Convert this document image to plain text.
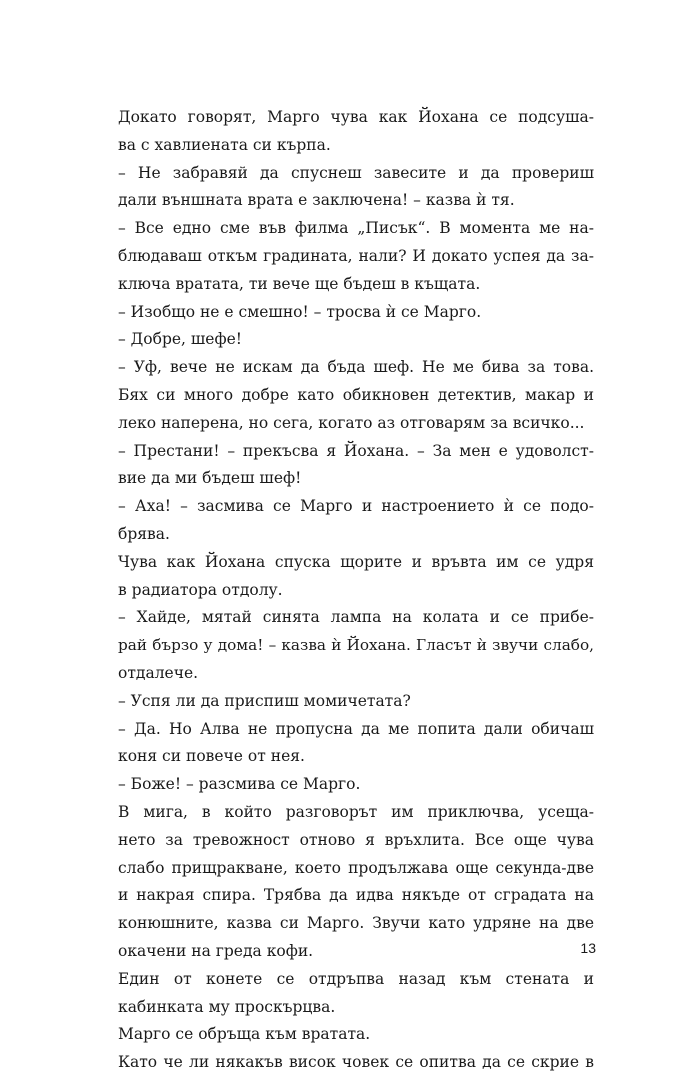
Докато говорят, Марго чува как Йохана се подсуша-
ва с хавлиената си кърпа.
– Не забравяй да спуснеш завесите и да провериш
дали външната врата е заключена! – казва ѝ тя.
– Все едно сме във филма „Писък“. В момента ме на-
блюдаваш откъм градината, нали? И докато успея да за-
ключа вратата, ти вече ще бъдеш в къщата.
– Изобщо не е смешно! – тросва ѝ се Марго.
– Добре, шефе!
– Уф, вече не искам да бъда шеф. Не ме бива за това.
Бях си много добре като обикновен детектив, макар и
леко наперена, но сега, когато аз отговарям за всичко...
– Престани! – прекъсва я Йохана. – За мен е удоволст-
вие да ми бъдеш шеф!
– Аха! – засмива се Марго и настроението ѝ се подо-
брява.
Чува как Йохана спуска щорите и връвта им се удря
в радиатора отдолу.
– Хайде, мятай синята лампа на колата и се прибе-
рай бързо у дома! – казва ѝ Йохана. Гласът ѝ звучи слабо,
отдалече.
– Успя ли да приспиш момичетата?
– Да. Но Алва не пропусна да ме попита дали обичаш
коня си повече от нея.
– Боже! – разсмива се Марго.
В мига, в който разговорът им приключва, усеща-
нето за тревожност отново я връхлита. Все още чува
слабо прищракване, което продължава още секунда-две
и накрая спира. Трябва да идва някъде от сградата на
конюшните, казва си Марго. Звучи като удряне на две
окачени на греда кофи.
Един от конете се отдръпва назад към стената и
кабинката му проскърцва.
Марго се обръща към вратата.
Като че ли някакъв висок човек се опитва да се скрие в
13
